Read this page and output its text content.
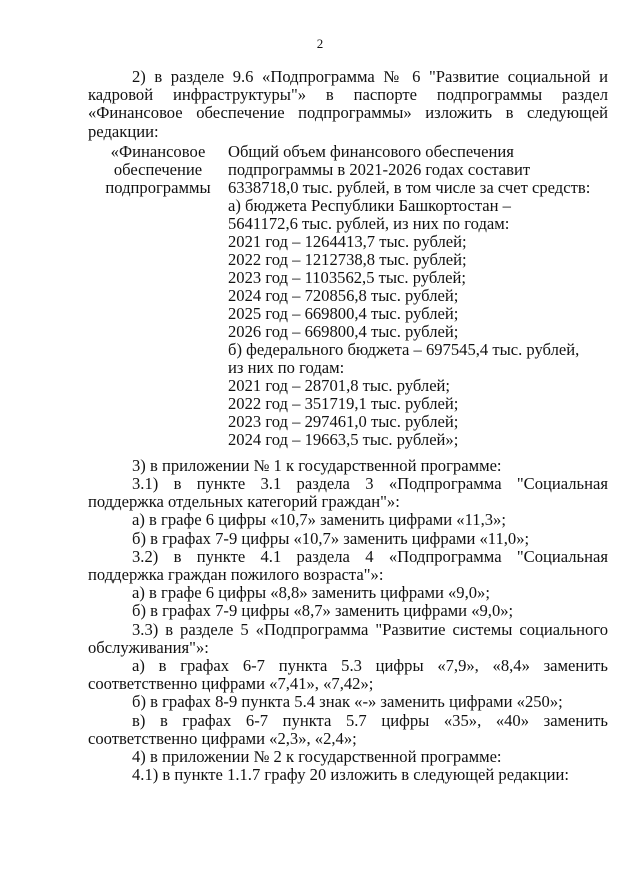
2

2) в разделе 9.6 «Подпрограмма № 6 "Развитие социальной и кадровой инфраструктуры"» в паспорте подпрограммы раздел «Финансовое обеспечение подпрограммы» изложить в следующей редакции:

«Финансовое
обеспечение
подпрограммы
Общий объем финансового обеспечения
подпрограммы в 2021-2026 годах составит
6338718,0 тыс. рублей, в том числе за счет средств:
а) бюджета Республики Башкортостан –
5641172,6 тыс. рублей, из них по годам:
2021 год – 1264413,7 тыс. рублей;
2022 год – 1212738,8 тыс. рублей;
2023 год – 1103562,5 тыс. рублей;
2024 год – 720856,8 тыс. рублей;
2025 год – 669800,4 тыс. рублей;
2026 год – 669800,4 тыс. рублей;
б) федерального бюджета – 697545,4 тыс. рублей,
из них по годам:
2021 год – 28701,8 тыс. рублей;
2022 год – 351719,1 тыс. рублей;
2023 год – 297461,0 тыс. рублей;
2024 год – 19663,5 тыс. рублей»;

3) в приложении № 1 к государственной программе:

3.1) в пункте 3.1 раздела 3 «Подпрограмма "Социальная поддержка отдельных категорий граждан"»:

а) в графе 6 цифры «10,7» заменить цифрами «11,3»;

б) в графах 7-9 цифры «10,7» заменить цифрами «11,0»;

3.2) в пункте 4.1 раздела 4 «Подпрограмма "Социальная поддержка граждан пожилого возраста"»:

а) в графе 6 цифры «8,8» заменить цифрами «9,0»;

б) в графах 7-9 цифры «8,7» заменить цифрами «9,0»;

3.3) в разделе 5 «Подпрограмма "Развитие системы социального обслуживания"»:

а) в графах 6-7 пункта 5.3 цифры «7,9», «8,4» заменить соответственно цифрами «7,41», «7,42»;

б) в графах 8-9 пункта 5.4 знак «-» заменить цифрами «250»;

в) в графах 6-7 пункта 5.7 цифры «35», «40» заменить соответственно цифрами «2,3», «2,4»;

4) в приложении № 2 к государственной программе:

4.1) в пункте 1.1.7 графу 20 изложить в следующей редакции:
